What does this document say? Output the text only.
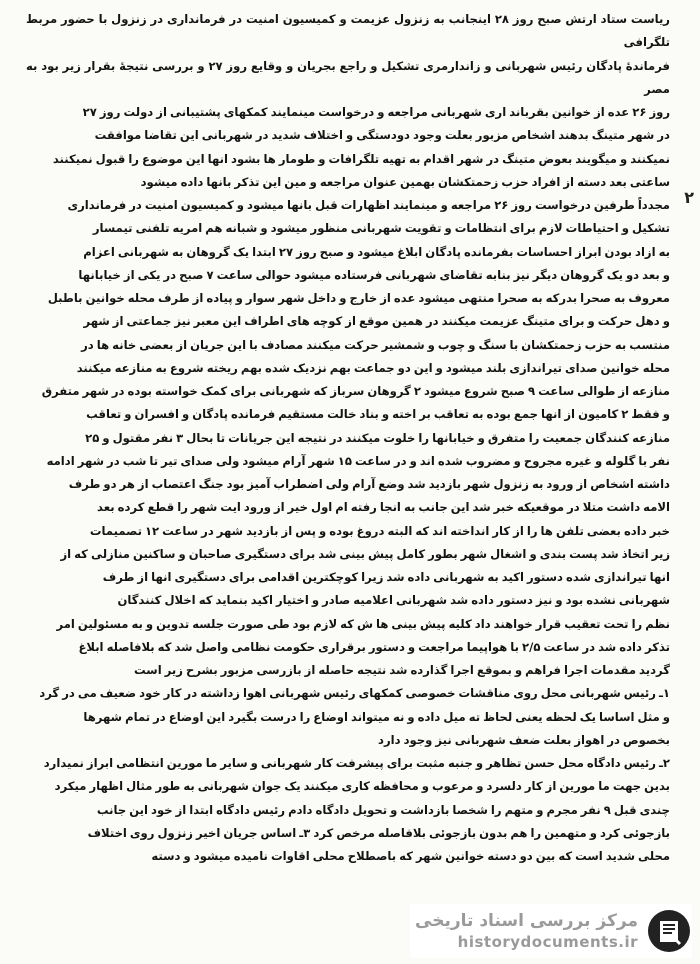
ریاست ستاد ارتش صبح روز ۲۸ اینجانب به زنزول عزیمت و کمیسیون امنیت در فرمانداری در زنزول با حضور مربط تلگرافی

فرماندهٔ پادگان رئیس شهربانی و زاندارمری تشکیل و راجع بجریان و وقایع روز ۲۷ و بررسی نتیجهٔ بقرار زیر بود به مصر

روز ۲۶ عده از خوانین بقرباند اری شهربانی مراجعه و درخواست مینمایند کمکهای پشتیبانی از دولت روز ۲۷

در شهر متینگ بدهند اشخاص مزبور بعلت وجود دودستگی و اختلاف شدید در شهربانی این تقاضا موافقت

نمیکنند و میگویند بعوض متینگ در شهر اقدام به تهیه تلگرافات و طومار ها بشود انها این موضوع را قبول نمیکنند

ساعتی بعد دسته از افراد حزب زحمتکشان بهمین عنوان مراجعه و مین این تذکر بانها داده میشود

مجدداً طرفین درخواست روز ۲۶ مراجعه و مینمایند اظهارات قبل بانها میشود و کمیسیون امنیت در فرمانداری

تشکیل و احتیاطات لازم برای انتظامات و تقویت شهربانی منظور میشود و شبانه هم امریه تلفنی تیمسار

به ازاد بودن ابراز احساسات بفرمانده پادگان ابلاغ میشود و صبح روز ۲۷ ابتدا یک گروهان به شهربانی اعزام

و بعد دو یک گروهان دیگر نیز بنابه تقاضای شهربانی فرستاده میشود حوالی ساعت ۷ صبح در یکی از خیابانها

معروف به صحرا بدرکه به صحرا منتهی میشود عده از خارج و داخل شهر سوار و پیاده از طرف محله خوانین باطبل

و دهل حرکت و برای متینگ عزیمت میکنند در همین موقع از کوچه های اطراف این معبر نیز جماعتی از شهر

منتسب به حزب زحمتکشان با سنگ و چوب و شمشیر حرکت میکنند مصادف با این جریان از بعضی خانه ها در

محله خوانین صدای تیراندازی بلند میشود و این دو جماعت بهم نزدیک شده بهم ریخته شروع به منازعه میکنند

منازعه از طوالی ساعت ۹ صبح شروع میشود ۲ گروهان سرباز که شهربانی برای کمک خواسته بوده در شهر متفرق

و فقط ۲ کامیون از انها جمع بوده به تعاقب بر اخته و بناد خالت مستقیم فرمانده پادگان و افسران و تعاقب

منازعه کنندگان جمعیت را متفرق و خیابانها را خلوت میکنند در نتیجه این جریانات تا بحال ۳ نفر مقتول و ۲۵

نفر با گلوله و غیره مجروح و مضروب شده اند و در ساعت ۱۵ شهر آرام میشود ولی صدای تیر تا شب در شهر ادامه

داشته اشخاص از ورود به زنزول شهر بازدید شد وضع آرام ولی اضطراب آمیز بود جنگ اعتصاب از هر دو طرف

الامه داشت متلا در موقعیکه خبر شد این جانب به انجا رفته ام اول خیر از ورود ایت شهر را قطع کرده بعد

خبر داده بعضی تلفن ها را از کار انداخته اند که البته دروغ بوده و پس از بازدید شهر در ساعت ۱۲ تصمیمات

زیر اتخاذ شد پست بندی و اشغال شهر بطور کامل پیش بینی شد برای دستگیری صاحبان و ساکنین منازلی که از

انها تیراندازی شده دستور اکید به شهربانی داده شد زیرا کوچکترین اقدامی برای دستگیری انها از طرف

شهربانی نشده بود و نیز دستور داده شد شهربانی اعلامیه صادر و اختیار اکید بنماید که اخلال کنندگان

نظم را تحت تعقیب قرار خواهند داد کلیه پیش بینی ها ش که لازم بود طی صورت جلسه تدوین و به مسئولین امر

تذکر داده شد در ساعت ۲/۵ با هواپیما مراجعت و دستور برقراری حکومت نظامی واصل شد که بلافاصله ابلاغ

گردید مقدمات اجرا فراهم و بموقع اجرا گذارده شد نتیجه حاصله از بازرسی مزبور بشرح زیر است

۱ـ رئیس شهربانی محل روی مناقشات خصوصی کمکهای رئیس شهربانی اهوا زداشته در کار خود ضعیف می در گرد

و مثل اساسا یک لحظه یعنی لحاظ ته میل داده و نه میتواند اوضاع را درست بگیرد این اوضاع در تمام شهرها

بخصوص در اهواز بعلت ضعف شهربانی نیز وجود دارد

۲ـ رئیس دادگاه محل حسن تظاهر و جنبه مثبت برای پیشرفت کار شهربانی و سایر ما مورین انتظامی ابراز نمیدارد

بدین جهت ما مورین از کار دلسرد و مرعوب و محافظه کاری میکنند یک جوان شهربانی به طور مثال اظهار میکرد

چندی قبل ۹ نفر مجرم و متهم را شخصا بازداشت و تحویل دادگاه دادم رئیس دادگاه ابتدا از خود این جانب

بازجوئی کرد و متهمین را هم بدون بازجوئی بلافاصله مرخص کرد ۳ـ اساس جریان اخیر زنزول روی اختلاف

محلی شدید است که بین دو دسته خوانین شهر که باصطلاح محلی اقاوات نامیده میشود و دسته

۲
مرکز بررسی اسناد تاریخی
historydocuments.ir
